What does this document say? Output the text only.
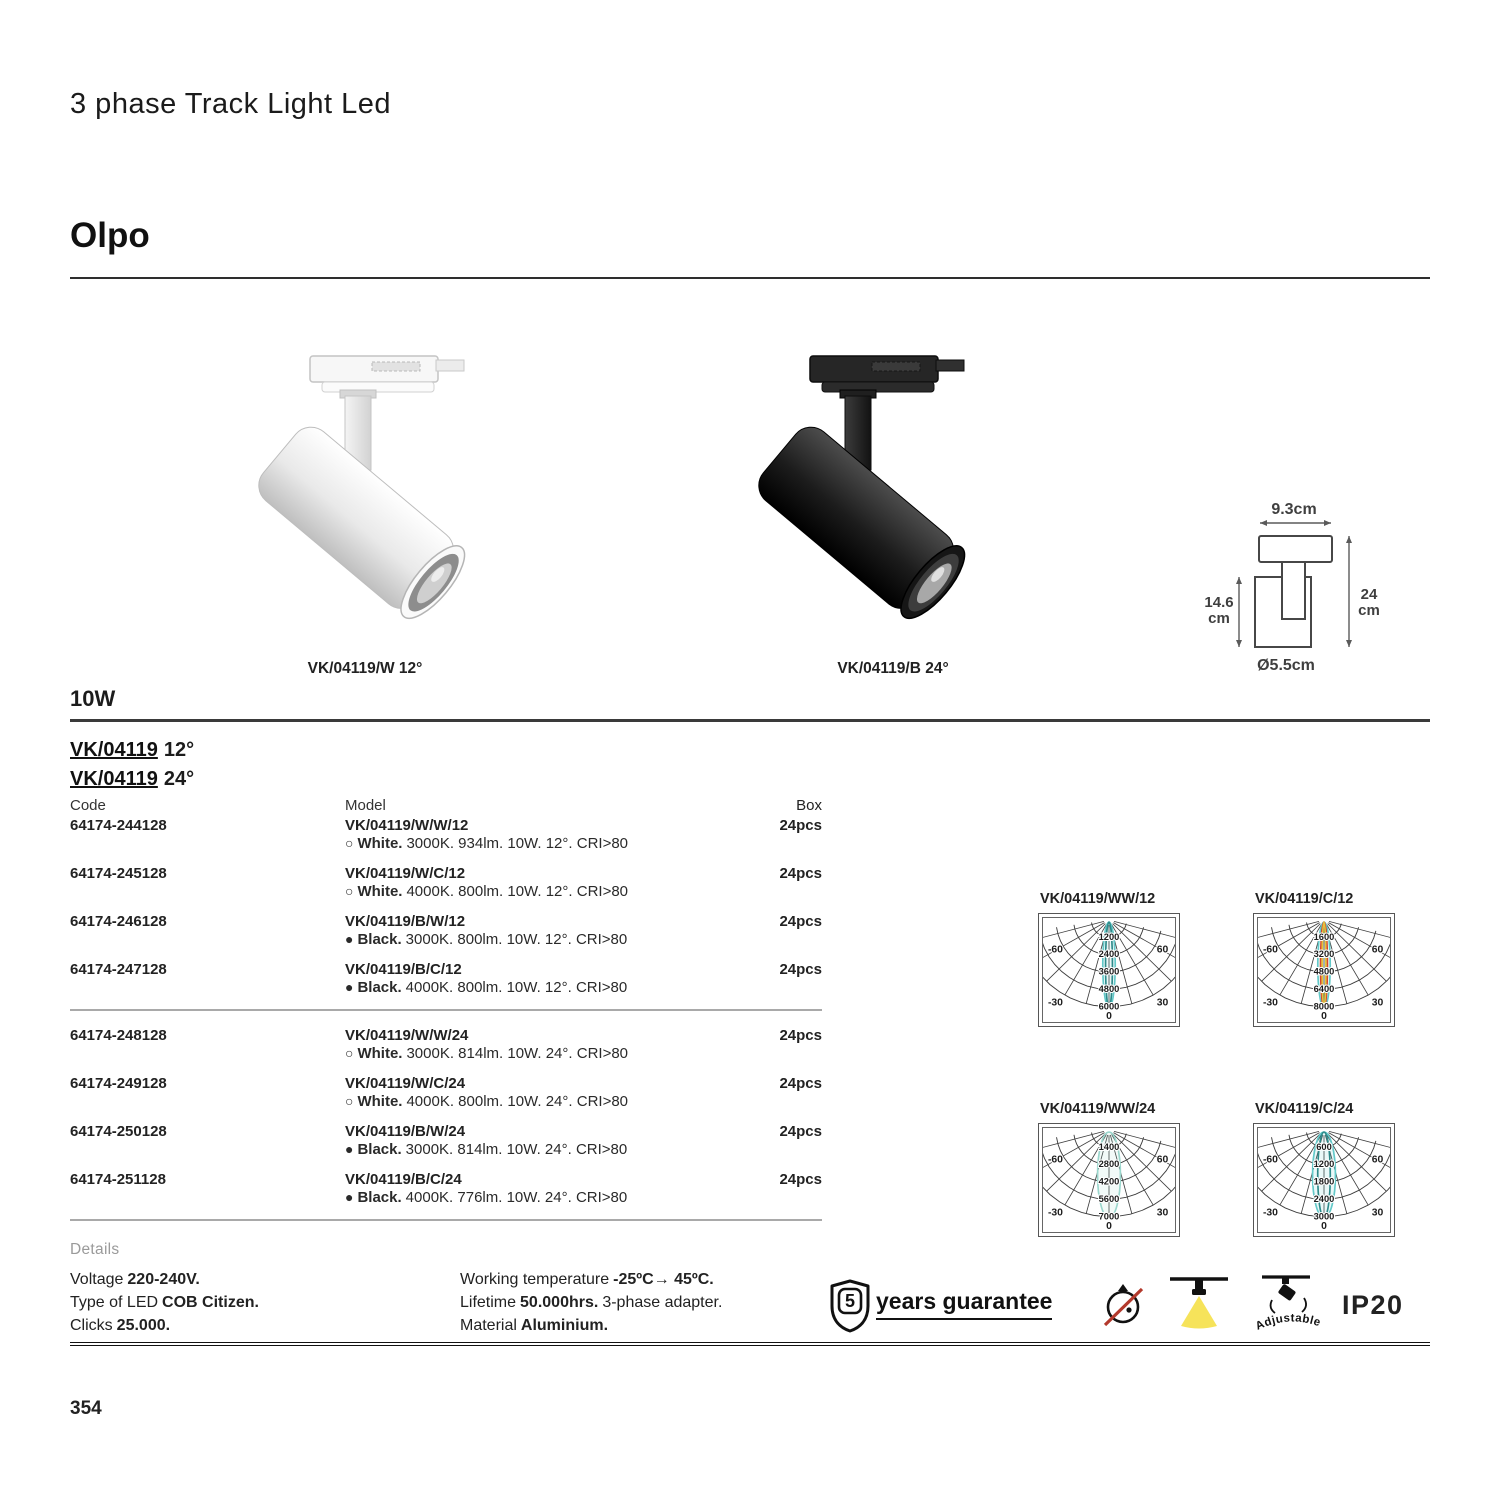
3 phase Track Light Led
Olpo
9.3cm
14.6
cm
24
cm
Ø5.5cm
VK/04119/W 12°	VK/04119/B 24°
10W
VK/04119 12°
VK/04119 24°
Code	Model	Box
64174-244128	VK/04119/W/W/12
○ White. 3000K. 934lm. 10W. 12°. CRI>80
24pcs
64174-245128	VK/04119/W/C/12
○ White. 4000K. 800lm. 10W. 12°. CRI>80
24pcs
64174-246128	VK/04119/B/W/12
● Black. 3000K. 800lm. 10W. 12°. CRI>80
24pcs
64174-247128	VK/04119/B/C/12
● Black. 4000K. 800lm. 10W. 12°. CRI>80
24pcs
64174-248128	VK/04119/W/W/24
○ White. 3000K. 814lm. 10W. 24°. CRI>80
24pcs
64174-249128	VK/04119/W/C/24
○ White. 4000K. 800lm. 10W. 24°. CRI>80
24pcs
64174-250128	VK/04119/B/W/24
● Black. 3000K. 814lm. 10W. 24°. CRI>80
24pcs
64174-251128	VK/04119/B/C/24
● Black. 4000K. 776lm. 10W. 24°. CRI>80
24pcs
VK/04119/WW/12
1200
2400
3600
4800
6000
-60
-30
0
30
60
VK/04119/C/12
1600
3200
4800
6400
8000
-60
-30
0
30
60
VK/04119/WW/24
1400
2800
4200
5600
7000
-60
-30
0
30
60
VK/04119/C/24
600
1200
1800
2400
3000
-60
-30
0
30
60
Details
Voltage 220-240V.
Type of LED COB Citizen.
Clicks 25.000.
Working temperature -25ºC→ 45ºC.
Lifetime 50.000hrs. 3-phase adapter.
Material Aluminium.
5 years guarantee
Adjustable
IP20
354
